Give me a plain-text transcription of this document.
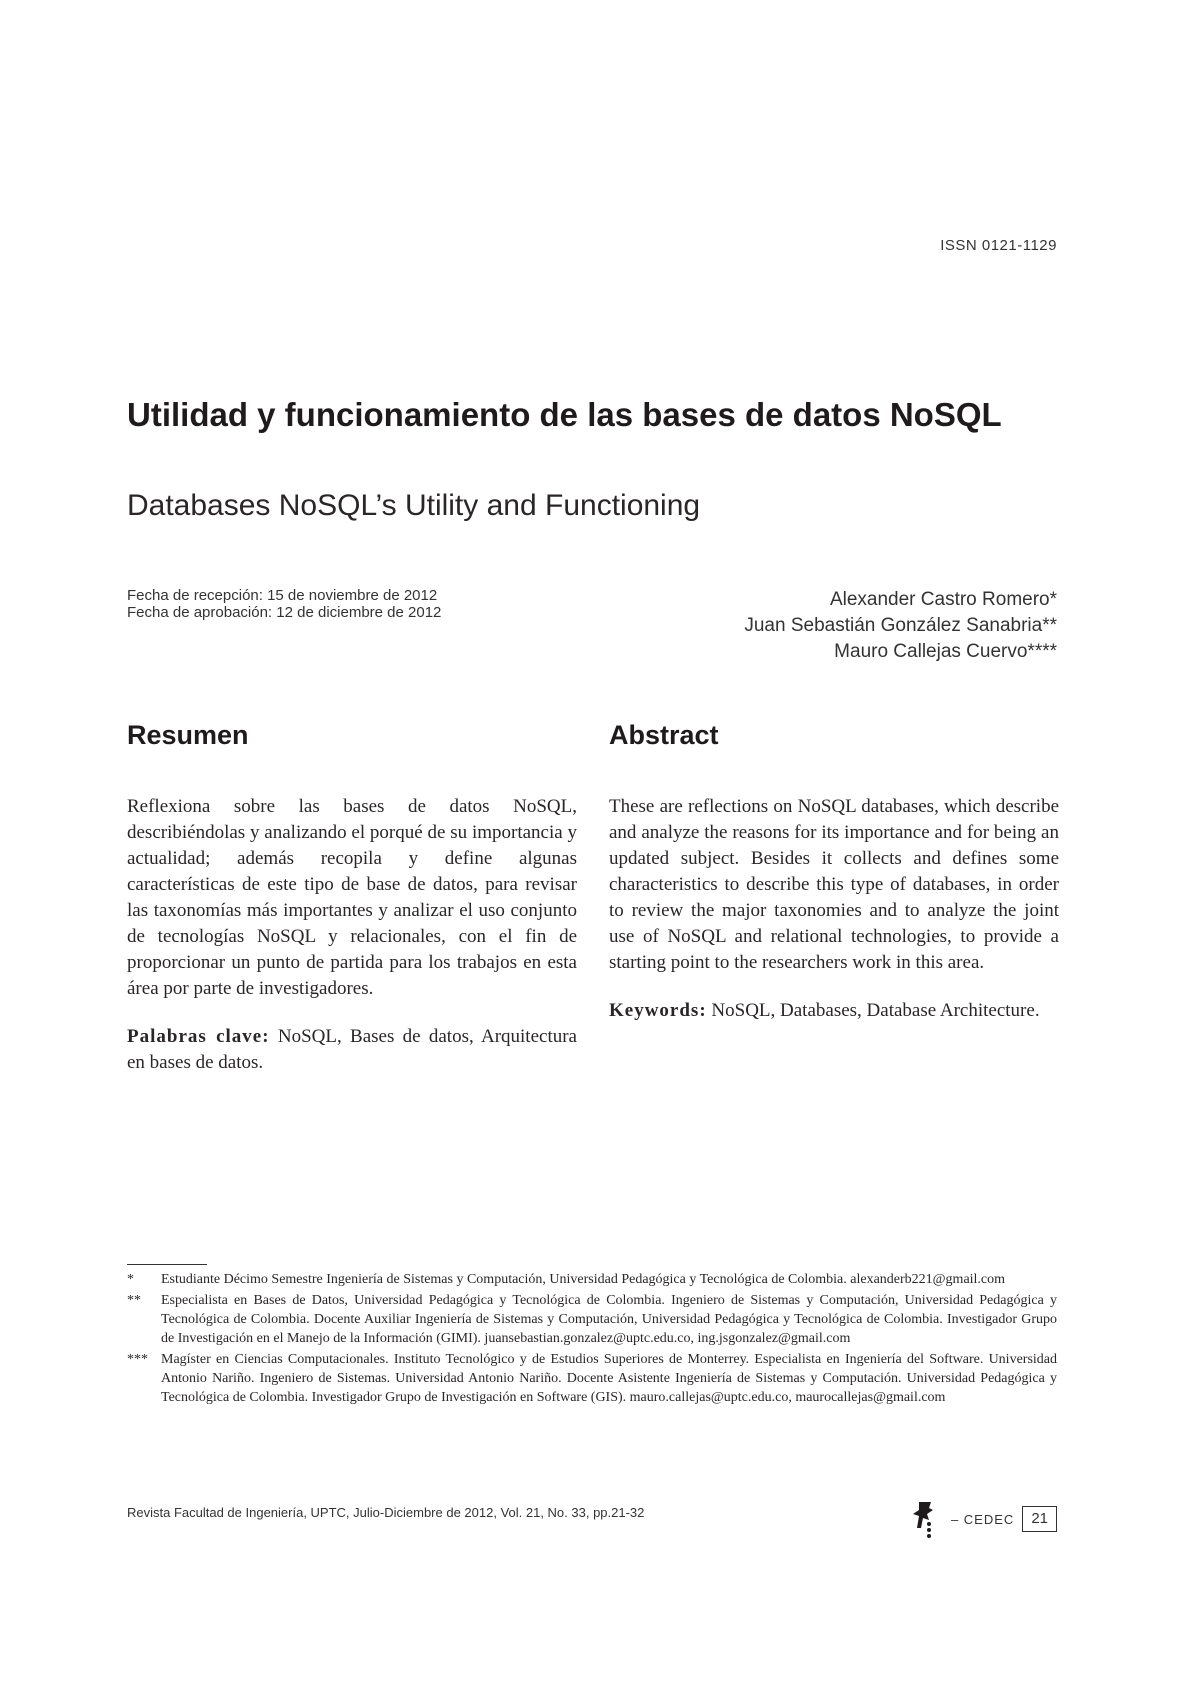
ISSN 0121-1129
Utilidad y funcionamiento de las bases de datos NoSQL
Databases NoSQL’s Utility and Functioning
Fecha de recepción: 15 de noviembre de 2012
Fecha de aprobación: 12 de diciembre de 2012
Alexander Castro Romero*
Juan Sebastián González Sanabria**
Mauro Callejas Cuervo****
Resumen
Reflexiona sobre las bases de datos NoSQL, describiéndolas y analizando el porqué de su importancia y actualidad; además recopila y define algunas características de este tipo de base de datos, para revisar las taxonomías más importantes y analizar el uso conjunto de tecnologías NoSQL y relacionales, con el fin de proporcionar un punto de partida para los trabajos en esta área por parte de investigadores.
Palabras clave: NoSQL, Bases de datos, Arquitectura en bases de datos.
Abstract
These are reflections on NoSQL databases, which describe and analyze the reasons for its importance and for being an updated subject. Besides it collects and defines some characteristics to describe this type of databases, in order to review the major taxonomies and to analyze the joint use of NoSQL and relational technologies, to provide a starting point to the researchers work in this area.
Keywords: NoSQL, Databases, Database Architecture.
*	Estudiante Décimo Semestre Ingeniería de Sistemas y Computación, Universidad Pedagógica y Tecnológica de Colombia. alexanderb221@gmail.com
**	Especialista en Bases de Datos, Universidad Pedagógica y Tecnológica de Colombia. Ingeniero de Sistemas y Computación, Universidad Pedagógica y Tecnológica de Colombia. Docente Auxiliar Ingeniería de Sistemas y Computación, Universidad Pedagógica y Tecnológica de Colombia. Investigador Grupo de Investigación en el Manejo de la Información (GIMI). juansebastian.gonzalez@uptc.edu.co, ing.jsgonzalez@gmail.com
*** Magíster en Ciencias Computacionales. Instituto Tecnológico y de Estudios Superiores de Monterrey. Especialista en Ingeniería del Software. Universidad Antonio Nariño. Ingeniero de Sistemas. Universidad Antonio Nariño. Docente Asistente Ingeniería de Sistemas y Computación. Universidad Pedagógica y Tecnológica de Colombia. Investigador Grupo de Investigación en Software (GIS). mauro.callejas@uptc.edu.co, maurocallejas@gmail.com
Revista Facultad de Ingeniería, UPTC, Julio-Diciembre de 2012, Vol. 21, No. 33, pp.21-32	– CEDEC	21
